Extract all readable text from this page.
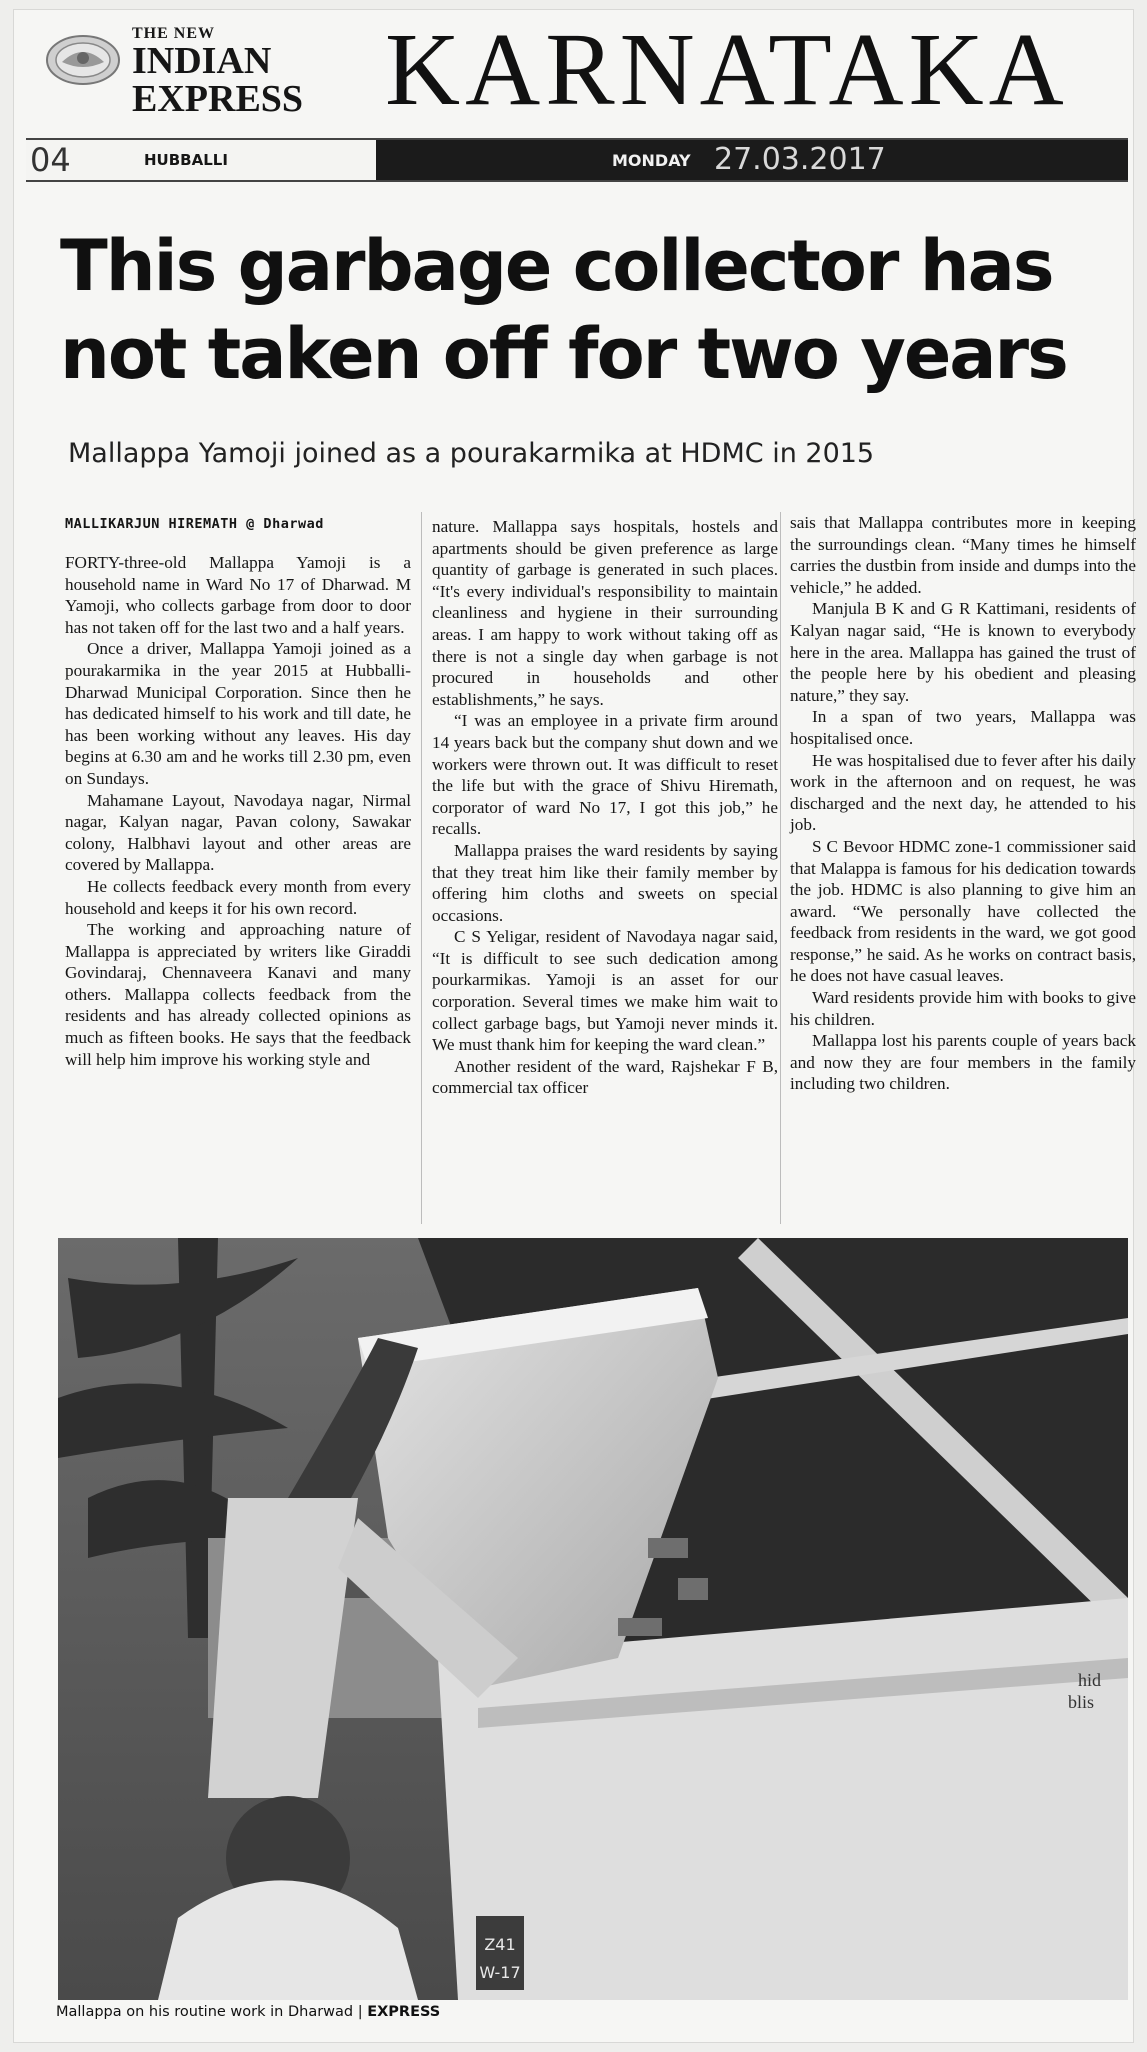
THE NEW
INDIAN
EXPRESS KARNATAKA
04	HUBBALLI	MONDAY 27.03.2017
This garbage collector has not taken off for two years
Mallappa Yamoji joined as a pourakarmika at HDMC in 2015
MALLIKARJUN HIREMATH @ Dharwad

FORTY-three-old Mallappa Yamoji is a household name in Ward No 17 of Dharwad. M Yamoji, who collects garbage from door to door has not taken off for the last two and a half years.

Once a driver, Mallappa Yamoji joined as a pourakarmika in the year 2015 at Hubballi-Dharwad Municipal Corporation. Since then he has dedicated himself to his work and till date, he has been working without any leaves. His day begins at 6.30 am and he works till 2.30 pm, even on Sundays.

Mahamane Layout, Navodaya nagar, Nirmal nagar, Kalyan nagar, Pavan colony, Sawakar colony, Halbhavi layout and other areas are covered by Mallappa.

He collects feedback every month from every household and keeps it for his own record.

The working and approaching nature of Mallappa is appreciated by writers like Giraddi Govindaraj, Chennaveera Kanavi and many others. Mallappa collects feedback from the residents and has already collected opinions as much as fifteen books. He says that the feedback will help him improve his working style and

nature. Mallappa says hospitals, hostels and apartments should be given preference as large quantity of garbage is generated in such places. “It's every individual's responsibility to maintain cleanliness and hygiene in their surrounding areas. I am happy to work without taking off as there is not a single day when garbage is not procured in households and other establishments,” he says.

“I was an employee in a private firm around 14 years back but the company shut down and we workers were thrown out. It was difficult to reset the life but with the grace of Shivu Hiremath, corporator of ward No 17, I got this job,” he recalls.

Mallappa praises the ward residents by saying that they treat him like their family member by offering him cloths and sweets on special occasions.

C S Yeligar, resident of Navodaya nagar said, “It is difficult to see such dedication among pourkarmikas. Yamoji is an asset for our corporation. Several times we make him wait to collect garbage bags, but Yamoji never minds it. We must thank him for keeping the ward clean.”

Another resident of the ward, Rajshekar F B, commercial tax officer

sais that Mallappa contributes more in keeping the surroundings clean. “Many times he himself carries the dustbin from inside and dumps into the vehicle,” he added.

Manjula B K and G R Kattimani, residents of Kalyan nagar said, “He is known to everybody here in the area. Mallappa has gained the trust of the people here by his obedient and pleasing nature,” they say.

In a span of two years, Mallappa was hospitalised once.

He was hospitalised due to fever after his daily work in the afternoon and on request, he was discharged and the next day, he attended to his job.

S C Bevoor HDMC zone-1 commissioner said that Malappa is famous for his dedication towards the job. HDMC is also planning to give him an award. “We personally have collected the feedback from residents in the ward, we got good response,” he said. As he works on contract basis, he does not have casual leaves.

Ward residents provide him with books to give his children.

Mallappa lost his parents couple of years back and now they are four members in the family including two children.

Z41
W-17
hid
blis
Mallappa on his routine work in Dharwad | EXPRESS
